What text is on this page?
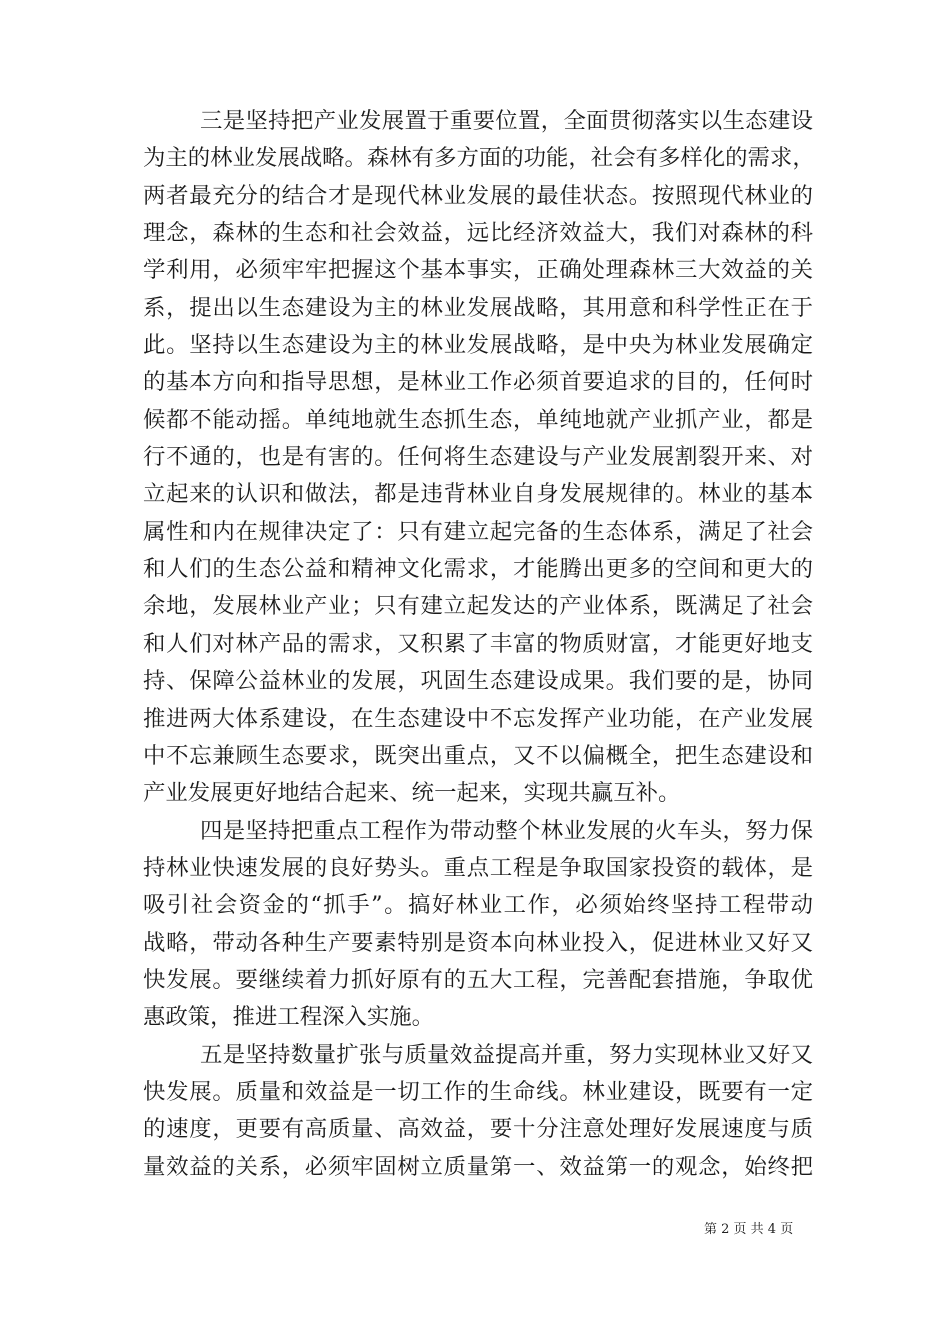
三是坚持把产业发展置于重要位置，全面贯彻落实以生态建设
为主的林业发展战略。森林有多方面的功能，社会有多样化的需求，
两者最充分的结合才是现代林业发展的最佳状态。按照现代林业的
理念，森林的生态和社会效益，远比经济效益大，我们对森林的科
学利用，必须牢牢把握这个基本事实，正确处理森林三大效益的关
系，提出以生态建设为主的林业发展战略，其用意和科学性正在于
此。坚持以生态建设为主的林业发展战略，是中央为林业发展确定
的基本方向和指导思想，是林业工作必须首要追求的目的，任何时
候都不能动摇。单纯地就生态抓生态，单纯地就产业抓产业，都是
行不通的，也是有害的。任何将生态建设与产业发展割裂开来、对
立起来的认识和做法，都是违背林业自身发展规律的。林业的基本
属性和内在规律决定了：只有建立起完备的生态体系，满足了社会
和人们的生态公益和精神文化需求，才能腾出更多的空间和更大的
余地，发展林业产业；只有建立起发达的产业体系，既满足了社会
和人们对林产品的需求，又积累了丰富的物质财富，才能更好地支
持、保障公益林业的发展，巩固生态建设成果。我们要的是，协同
推进两大体系建设，在生态建设中不忘发挥产业功能，在产业发展
中不忘兼顾生态要求，既突出重点，又不以偏概全，把生态建设和
产业发展更好地结合起来、统一起来，实现共赢互补。
四是坚持把重点工程作为带动整个林业发展的火车头，努力保
持林业快速发展的良好势头。重点工程是争取国家投资的载体，是
吸引社会资金的“抓手”。搞好林业工作，必须始终坚持工程带动
战略，带动各种生产要素特别是资本向林业投入，促进林业又好又
快发展。要继续着力抓好原有的五大工程，完善配套措施，争取优
惠政策，推进工程深入实施。
五是坚持数量扩张与质量效益提高并重，努力实现林业又好又
快发展。质量和效益是一切工作的生命线。林业建设，既要有一定
的速度，更要有高质量、高效益，要十分注意处理好发展速度与质
量效益的关系，必须牢固树立质量第一、效益第一的观念，始终把
第 2 页 共 4 页
